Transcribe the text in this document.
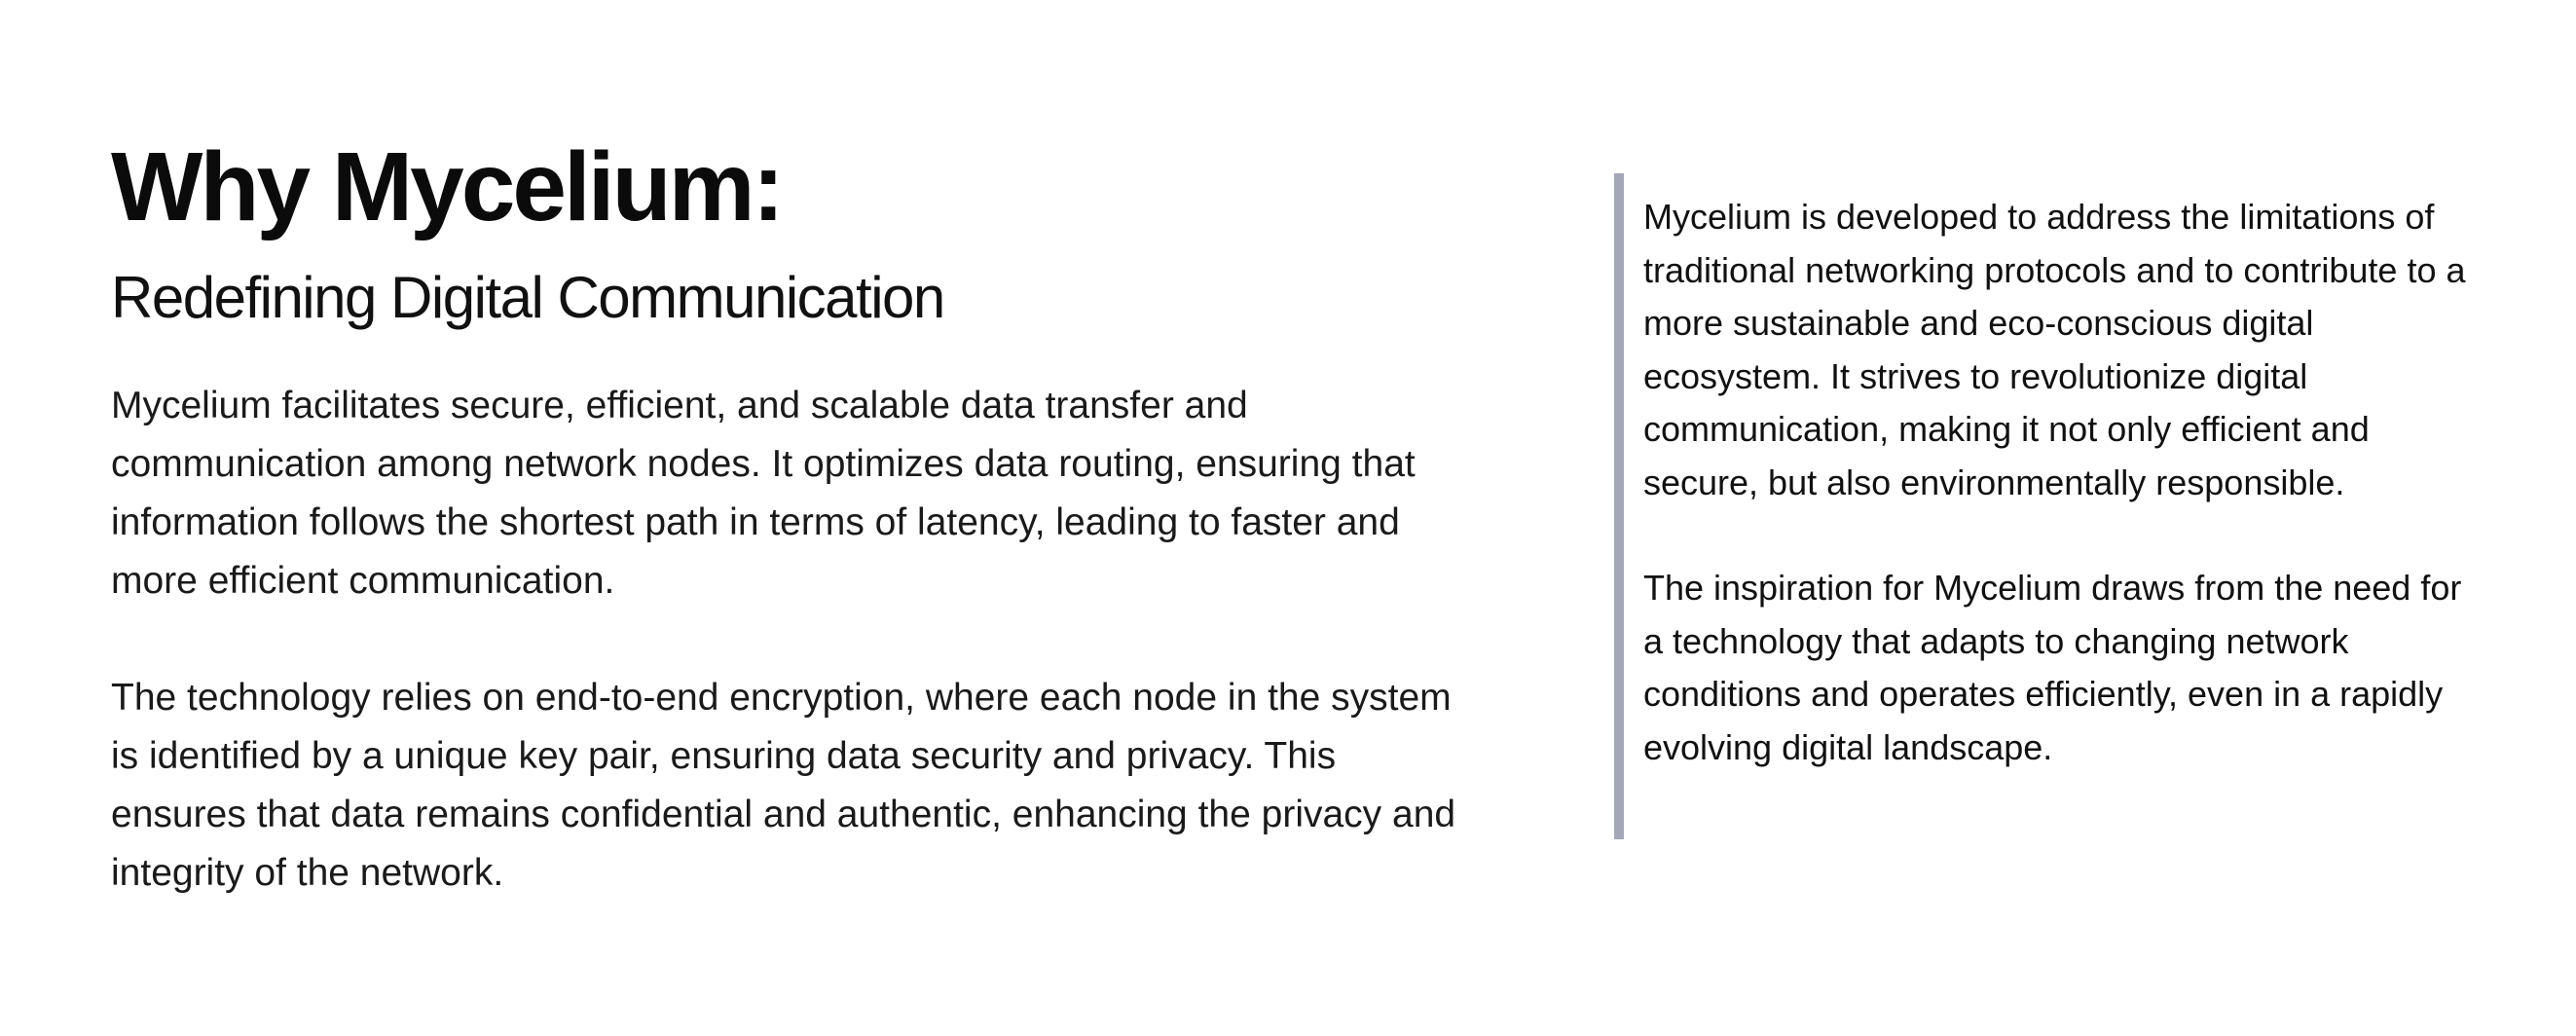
Why Mycelium:
Redefining Digital Communication

Mycelium facilitates secure, efficient, and scalable data transfer and communication among network nodes. It optimizes data routing, ensuring that information follows the shortest path in terms of latency, leading to faster and more efficient communication.

The technology relies on end-to-end encryption, where each node in the system is identified by a unique key pair, ensuring data security and privacy. This ensures that data remains confidential and authentic, enhancing the privacy and integrity of the network.

Mycelium is developed to address the limitations of traditional networking protocols and to contribute to a more sustainable and eco-conscious digital ecosystem. It strives to revolutionize digital communication, making it not only efficient and secure, but also environmentally responsible.

The inspiration for Mycelium draws from the need for a technology that adapts to changing network conditions and operates efficiently, even in a rapidly evolving digital landscape.
